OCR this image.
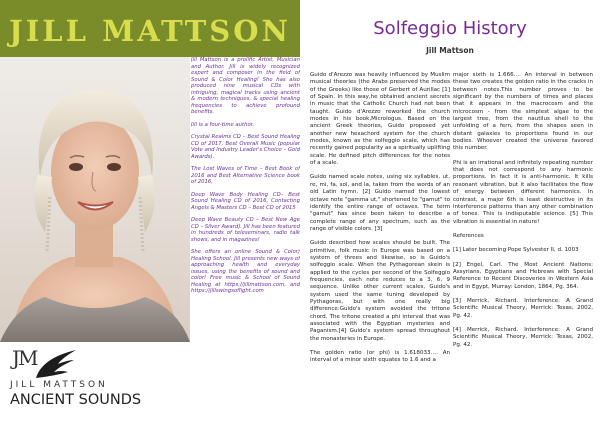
JILL MATTSON

Jill Mattson is a prolific Artist, Musician and Author. Jill is widely recognized expert and composer in the field of Sound & Color Healing! She has also produced nine musical CDs with intriguing, magical tracks using ancient & modern techniques, & special healing frequencies to achieve profound benefits.

Jill is a four-time author.

Crystal Realms CD – Best Sound Healing CD of 2017, Best Overall Music (popular Vote and Industry Leader's Choice – Gold Awards).

The Lost Waves of Time – Best Book of 2016 and Best Alternative Science book of 2016,

Deep Wave Body Healing CD– Best Sound Healing CD of 2016, Contacting Angels & Masters CD – Best CD of 2015

Deep Wave Beauty CD – Best New Age CD – Silver Award). Jill has been featured in hundreds of teleseminars, radio talk shows, and in magazines!

She offers an online Sound & Color) Healing School. Jill presents new ways of approaching health and everyday issues, using the benefits of sound and color! Free music & School of Sound Healing at https://jillmattson.com, and https://jillswingsoflight.com

JM
JILL MATTSON
ANCIENT SOUNDS
Solfeggio History
Jill Mattson

Guido d'Arezzo was heavily influenced by Muslim musical theories (the Arabs preserved the modes of the Greeks) like those of Gerbert of Aurillac [1] of Spain. In this way,he obtained ancient secrets in music that the Catholic Church had not been taught. Guido d'Arezzo reworked the church modes in his book,Micrologus. Based on the ancient Greek theories, Guido proposed yet another new hexachord system for the church modes, known as the solfeggio scale, which has recently gained popularity as a spiritually uplifting scale. He defined pitch differences for the notes of a scale.

Guido named scale notes, using six syllables, ut, re, mi, fa, sol, and la, taken from the words of an old Latin hymn. [2] Guido named the lowest octave note "gamma ut," shortened to "gamut" to identify the entire range of octaves. The term "gamut" has since been taken to describe a complete range of any spectrum, such as the range of visible colors. [3]

Guido described how scales should be built. The primitive, folk music in Europe was based on a system of threes and likewise, so is Guido's solfeggio scale. When the Pythagorean skein is applied to the cycles per second of the Solfeggio frequencies, each note reduces to a 3, 6, 9 sequence. Unlike other current scales, Guido's system used the same tuning developed by Pythagoras, but with one really big difference:Guido's system avoided the tritone chord. The tritone created a phi interval that was associated with the Egyptian mysteries and Paganism.[4] Guido's system spread throughout the monasteries in Europe.

The golden ratio (or phi) is 1.618033…. An interval of a minor sixth equates to 1.6 and a

major sixth is 1.666…. An interval in between these two creates the golden ratio in the cracks in between notes.This number proves to be significant by the numbers of times and places that it appears in the macrocosm and the microcosm - from the simplest algae to the largest tree, from the nautilus shell to the unfolding of a fern, from the shapes seen in distant galaxies to proportions found in our bodies. Whoever created the universe favored this number.

Phi is an irrational and infinitely repeating number that does not correspond to any harmonic proportions. In fact it is anti-harmonic. It kills resonant vibration, but it also facilitates the flow of energy between different harmonics. In contrast, a major 6th is least destructive in its interference patterns than any other combination of tones. This is indisputable science. [5] This vibration is essential in nature!

References

[1] Later becoming Pope Sylvester II, d. 1003

[2] Engel, Carl. The Most Ancient Nations: Assyrians, Egyptians and Hebrews with Special Reference to Recent Discoveries in Western Asia and in Egypt, Murray: London, 1864, Pg. 364.

[3] Merrick, Richard. Interference: A Grand Scientific Musical Theory, Merrick: Texas, 2002, Pg. 42.

[4] Merrick, Richard. Interference: A Grand Scientific Musical Theory, Merrick: Texas, 2002, Pg. 42.
